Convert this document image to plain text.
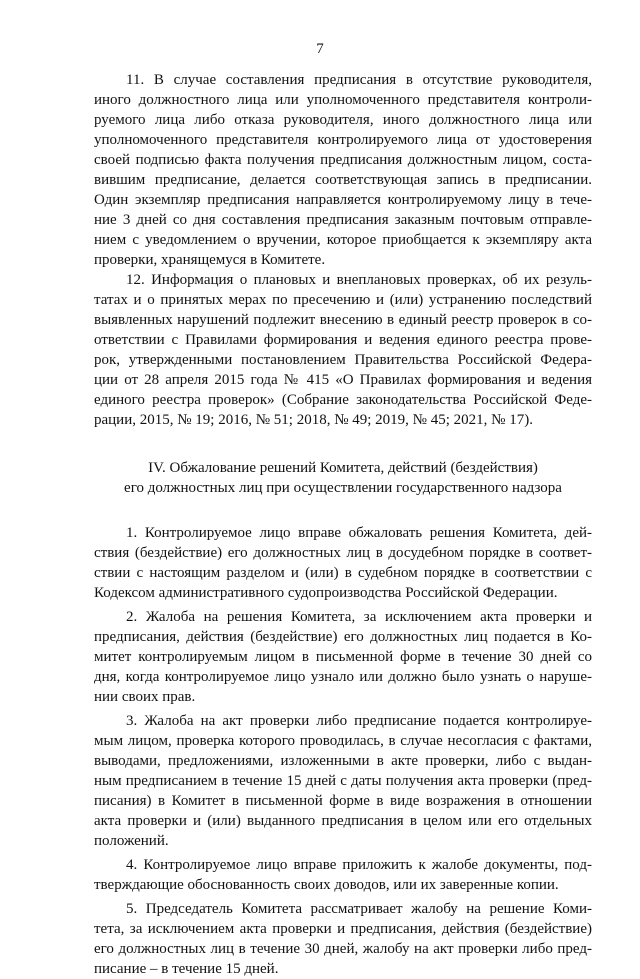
7

11. В случае составления предписания в отсутствие руководителя,
иного должностного лица или уполномоченного представителя контроли-
руемого лица либо отказа руководителя, иного должностного лица или
уполномоченного представителя контролируемого лица от удостоверения
своей подписью факта получения предписания должностным лицом, соста-
вившим предписание, делается соответствующая запись в предписании.
Один экземпляр предписания направляется контролируемому лицу в тече-
ние 3 дней со дня составления предписания заказным почтовым отправле-
нием с уведомлением о вручении, которое приобщается к экземпляру акта
проверки, хранящемуся в Комитете.

12. Информация о плановых и внеплановых проверках, об их резуль-
татах и о принятых мерах по пресечению и (или) устранению последствий
выявленных нарушений подлежит внесению в единый реестр проверок в со-
ответствии с Правилами формирования и ведения единого реестра прове-
рок, утвержденными постановлением Правительства Российской Федера-
ции от 28 апреля 2015 года № 415 «О Правилах формирования и ведения
единого реестра проверок» (Собрание законодательства Российской Феде-
рации, 2015, № 19; 2016, № 51; 2018, № 49; 2019, № 45; 2021, № 17).

IV. Обжалование решений Комитета, действий (бездействия)
его должностных лиц при осуществлении государственного надзора

1. Контролируемое лицо вправе обжаловать решения Комитета, дей-
ствия (бездействие) его должностных лиц в досудебном порядке в соответ-
ствии с настоящим разделом и (или) в судебном порядке в соответствии с
Кодексом административного судопроизводства Российской Федерации.

2. Жалоба на решения Комитета, за исключением акта проверки и
предписания, действия (бездействие) его должностных лиц подается в Ко-
митет контролируемым лицом в письменной форме в течение 30 дней со
дня, когда контролируемое лицо узнало или должно было узнать о наруше-
нии своих прав.

3. Жалоба на акт проверки либо предписание подается контролируе-
мым лицом, проверка которого проводилась, в случае несогласия с фактами,
выводами, предложениями, изложенными в акте проверки, либо с выдан-
ным предписанием в течение 15 дней с даты получения акта проверки (пред-
писания) в Комитет в письменной форме в виде возражения в отношении
акта проверки и (или) выданного предписания в целом или его отдельных
положений.

4. Контролируемое лицо вправе приложить к жалобе документы, под-
тверждающие обоснованность своих доводов, или их заверенные копии.

5. Председатель Комитета рассматривает жалобу на решение Коми-
тета, за исключением акта проверки и предписания, действия (бездействие)
его должностных лиц в течение 30 дней, жалобу на акт проверки либо пред-
писание – в течение 15 дней.
